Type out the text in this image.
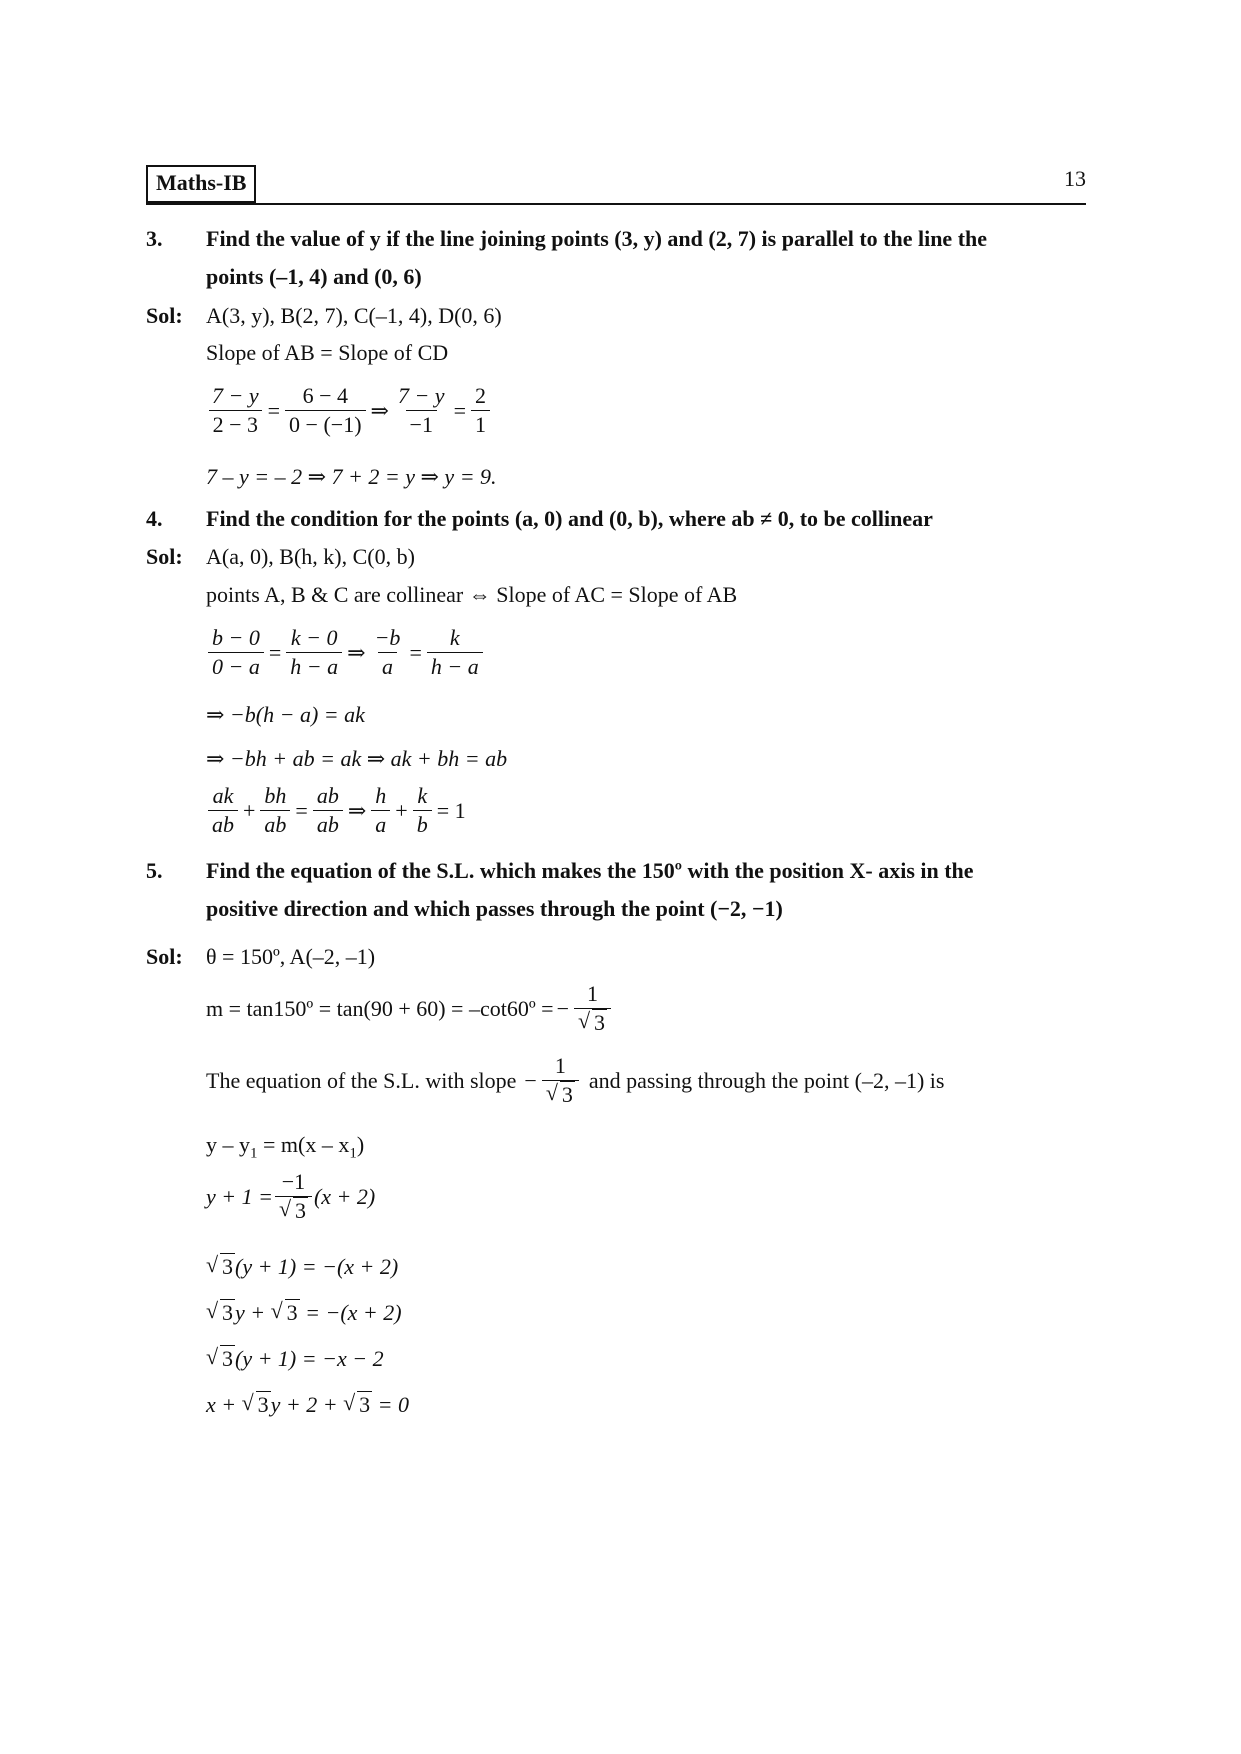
Maths-IB	13
3. Find the value of y if the line joining points (3, y) and (2, 7) is parallel to the line the
points (–1, 4) and (0, 6)
Sol: A(3, y), B(2, 7), C(–1, 4), D(0, 6)
Slope of AB = Slope of CD
$\frac{7 - y}{2 - 3} = \frac{6 - 4}{0 - (-1)}$ ⇒ $\frac{7 - y}{-1} = \frac{2}{1}$
7 – y = – 2 ⇒ 7 + 2 = y ⇒ y = 9.
4. Find the condition for the points (a, 0) and (0, b), where ab ≠ 0, to be collinear
Sol: A(a, 0), B(h, k), C(0, b)
points A, B & C are collinear ⇔ Slope of AC = Slope of AB
$\frac{b - 0}{0 - a} = \frac{k - 0}{h - a}$ ⇒ $\frac{-b}{a} = \frac{k}{h - a}$
⇒ −b(h − a) = ak
⇒ −bh + ab = ak ⇒ ak + bh = ab
$\frac{ak}{ab} + \frac{bh}{ab} = \frac{ab}{ab}$ ⇒ $\frac{h}{a} + \frac{k}{b} = 1$
5. Find the equation of the S.L. which makes the 150º with the position X- axis in the
positive direction and which passes through the point (−2, −1)
Sol: θ = 150º, A(–2, –1)
m = tan150º = tan(90 + 60) = –cot60º = − $\frac{1}{√ 3}$
The equation of the S.L. with slope − $\frac{1}{√ 3}$ and passing through the point (–2, –1) is
$y - y_1 = m(x - x_1)$
$y + 1 = \frac{-1}{√ 3} (x + 2)$
√ 3(y + 1) = −(x + 2)
√ 3y + √ 3 = −(x + 2)
√ 3(y + 1) = −x − 2
x + √ 3y + 2 + √ 3 = 0
